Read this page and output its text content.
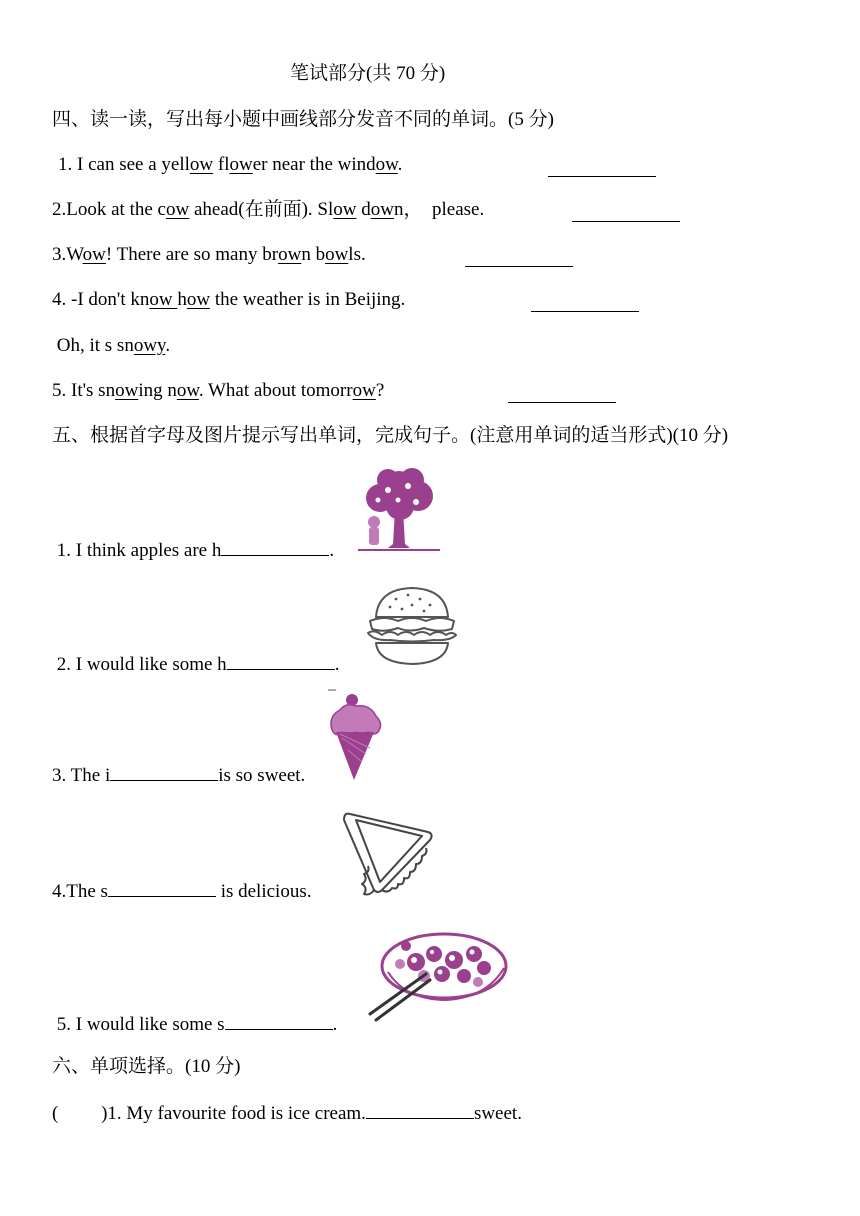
笔试部分(共 70 分)
四、读一读，写出每小题中画线部分发音不同的单词。(5 分)
1. I can see a yellow flower near the window.
2.Look at the cow ahead(在前面). Slow down，  please.
3.Wow! There are so many brown bowls.
4. -I don't know how the weather is in Beijing.
Oh, it s snowy.
5. It's snowing now. What about tomorrow?
五、根据首字母及图片提示写出单词，完成句子。(注意用单词的适当形式)(10 分)
1. I think apples are h	.
2. I would like some h	.
3. The i	is so sweet.
4.The s	is delicious.
5. I would like some s	.
六、单项选择。(10 分)
(         )1. My favourite food is ice cream.	sweet.
